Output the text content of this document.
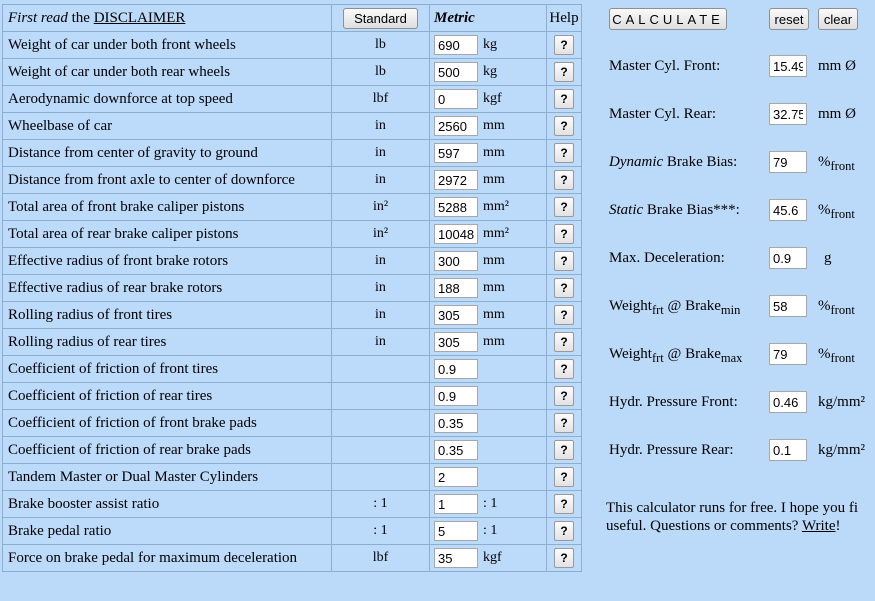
First read the DISCLAIMER	Standard	Metric	Help
Weight of car under both front wheels	lb	690kg	?
Weight of car under both rear wheels	lb	500kg	?
Aerodynamic downforce at top speed	lbf	0kgf	?
Wheelbase of car	in	2560mm	?
Distance from center of gravity to ground	in	597mm	?
Distance from front axle to center of downforce	in	2972mm	?
Total area of front brake caliper pistons	in²	5288mm²	?
Total area of rear brake caliper pistons	in²	10048mm²	?
Effective radius of front brake rotors	in	300mm	?
Effective radius of rear brake rotors	in	188mm	?
Rolling radius of front tires	in	305mm	?
Rolling radius of rear tires	in	305mm	?
Coefficient of friction of front tires		0.9	?
Coefficient of friction of rear tires		0.9	?
Coefficient of friction of front brake pads		0.35	?
Coefficient of friction of rear brake pads		0.35	?
Tandem Master or Dual Master Cylinders		2	?
Brake booster assist ratio	: 1	1: 1	?
Brake pedal ratio	: 1	5: 1	?
Force on brake pedal for maximum deceleration	lbf	35kgf	?
CALCULATE	reset	clear
Master Cyl. Front:
15.49	mm Ø
Master Cyl. Rear:
32.75	mm Ø
Dynamic Brake Bias:
79	$\%_{front}$
Static Brake Bias***:
45.6	$\%_{front}$
Max. Deceleration:
0.9	g
Weight$_{frt}$ @ Brake$_{min}$
58	$\%_{front}$
Weight$_{frt}$ @ Brake$_{max}$
79	$\%_{front}$
Hydr. Pressure Front:
0.46	kg/mm²
Hydr. Pressure Rear:
0.1	kg/mm²
This calculator runs for free. I hope you fi
useful. Questions or comments? Write!
